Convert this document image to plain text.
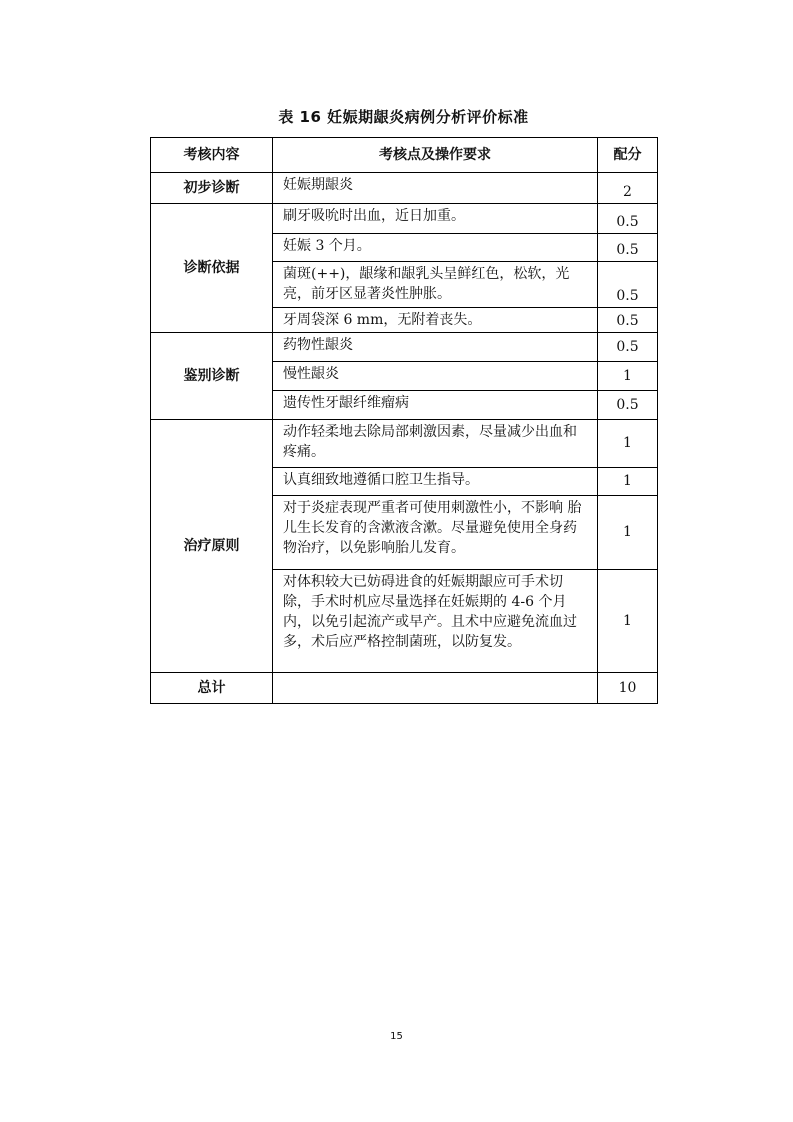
表 16 妊娠期龈炎病例分析评价标准
考核内容	考核点及操作要求	配分
初步诊断	妊娠期龈炎	2
诊断依据	刷牙吸吮时出血，近日加重。	0.5
	妊娠 3 个月。	0.5
	菌斑(++)，龈缘和龈乳头呈鲜红色，松软，光亮，前牙区显著炎性肿胀。	0.5
	牙周袋深 6 mm，无附着丧失。	0.5
鉴别诊断	药物性龈炎	0.5
	慢性龈炎	1
	遗传性牙龈纤维瘤病	0.5
治疗原则	动作轻柔地去除局部刺激因素，尽量减少出血和疼痛。	1
	认真细致地遵循口腔卫生指导。	1
	对于炎症表现严重者可使用刺激性小，不影响 胎儿生长发育的含漱液含漱。尽量避免使用全身药物治疗，以免影响胎儿发育。	1
	对体积较大已妨碍进食的妊娠期龈应可手术切除，手术时机应尽量选择在妊娠期的 4-6 个月内，以免引起流产或早产。且术中应避免流血过多，术后应严格控制菌班，以防复发。	1
总计		10
15
